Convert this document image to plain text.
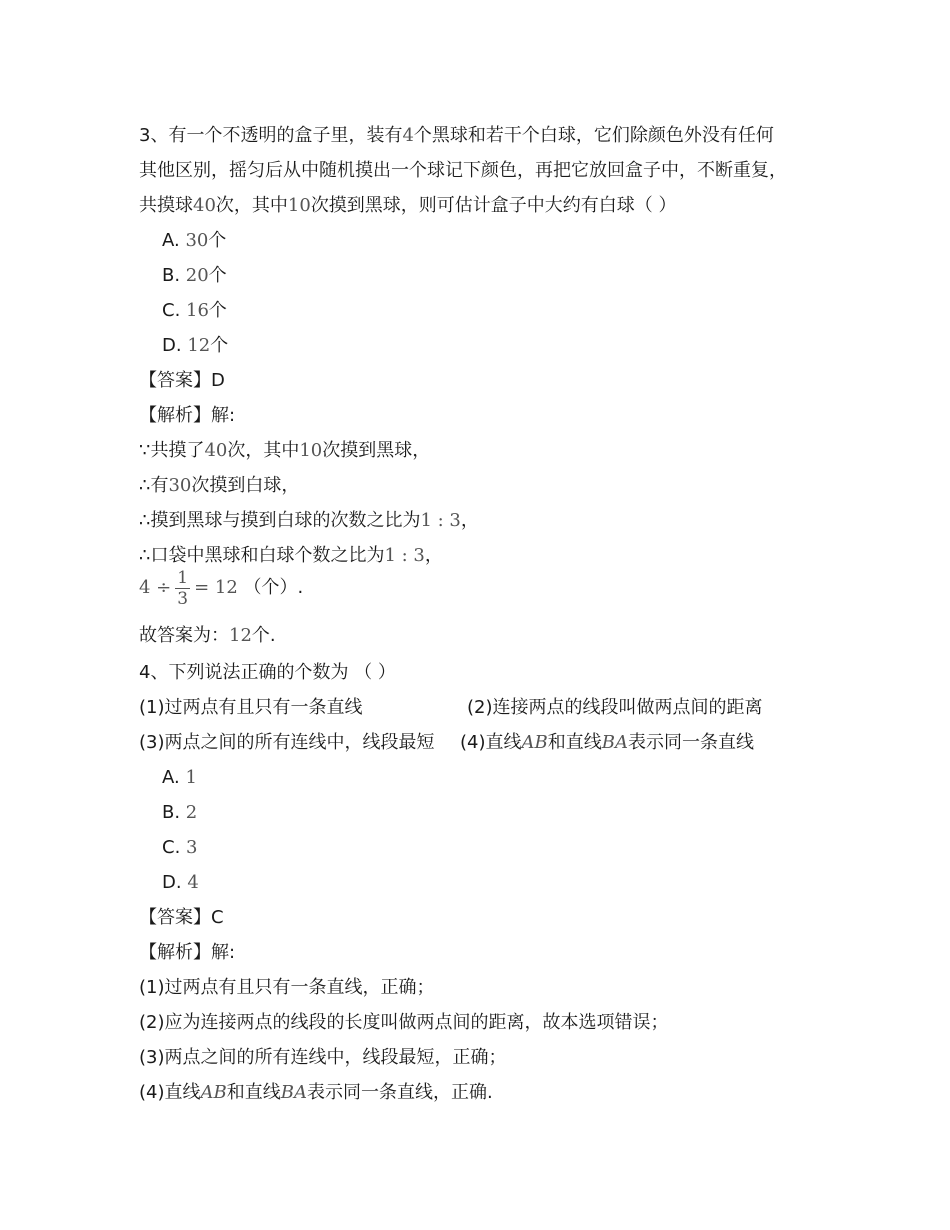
3、有一个不透明的盒子里，装有4个黑球和若干个白球，它们除颜色外没有任何
其他区别，摇匀后从中随机摸出一个球记下颜色，再把它放回盒子中，不断重复，
共摸球40次，其中10次摸到黑球，则可估计盒子中大约有白球（ ）
A. 30个
B. 20个
C. 16个
D. 12个
【答案】D
【解析】解:
∵共摸了40次，其中10次摸到黑球，
∴有30次摸到白球，
∴摸到黑球与摸到白球的次数之比为1 : 3，
∴口袋中黑球和白球个数之比为1 : 3，
$4 \div \frac{1}{3} = 12$ （个）.
故答案为：12个.
4、下列说法正确的个数为 （ ）
(1)过两点有且只有一条直线	(2)连接两点的线段叫做两点间的距离
(3)两点之间的所有连线中，线段最短 (4)直线AB和直线BA表示同一条直线
A. 1
B. 2
C. 3
D. 4
【答案】C
【解析】解:
(1)过两点有且只有一条直线，正确；
(2)应为连接两点的线段的长度叫做两点间的距离，故本选项错误；
(3)两点之间的所有连线中，线段最短，正确；
(4)直线AB和直线BA表示同一条直线，正确.
